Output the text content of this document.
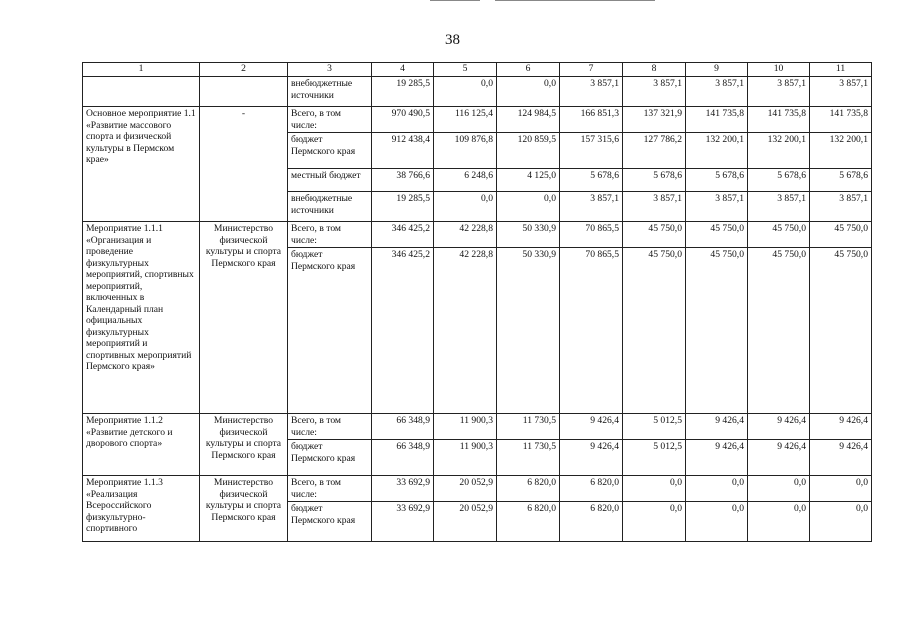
38
1	2	3	4	5	6	7	8	9	10	11
		внебюджетные источники	19 285,5	0,0	0,0	3 857,1	3 857,1	3 857,1	3 857,1	3 857,1
Основное мероприятие 1.1 «Развитие массового спорта и физической культуры в Пермском крае»	-	Всего, в том числе:	970 490,5	116 125,4	124 984,5	166 851,3	137 321,9	141 735,8	141 735,8	141 735,8
		бюджет Пермского края	912 438,4	109 876,8	120 859,5	157 315,6	127 786,2	132 200,1	132 200,1	132 200,1
		местный бюджет	38 766,6	6 248,6	4 125,0	5 678,6	5 678,6	5 678,6	5 678,6	5 678,6
		внебюджетные источники	19 285,5	0,0	0,0	3 857,1	3 857,1	3 857,1	3 857,1	3 857,1
Мероприятие 1.1.1 «Организация и проведение физкультурных мероприятий, спортивных мероприятий, включенных в Календарный план официальных физкультурных мероприятий и спортивных мероприятий Пермского края»	Министерство физической культуры и спорта Пермского края	Всего, в том числе:	346 425,2	42 228,8	50 330,9	70 865,5	45 750,0	45 750,0	45 750,0	45 750,0
		бюджет Пермского края	346 425,2	42 228,8	50 330,9	70 865,5	45 750,0	45 750,0	45 750,0	45 750,0
Мероприятие 1.1.2 «Развитие детского и дворового спорта»	Министерство физической культуры и спорта Пермского края	Всего, в том числе:	66 348,9	11 900,3	11 730,5	9 426,4	5 012,5	9 426,4	9 426,4	9 426,4
		бюджет Пермского края	66 348,9	11 900,3	11 730,5	9 426,4	5 012,5	9 426,4	9 426,4	9 426,4
Мероприятие 1.1.3 «Реализация Всероссийского физкультурно-спортивного	Министерство физической культуры и спорта Пермского края	Всего, в том числе:	33 692,9	20 052,9	6 820,0	6 820,0	0,0	0,0	0,0	0,0
		бюджет Пермского края	33 692,9	20 052,9	6 820,0	6 820,0	0,0	0,0	0,0	0,0
